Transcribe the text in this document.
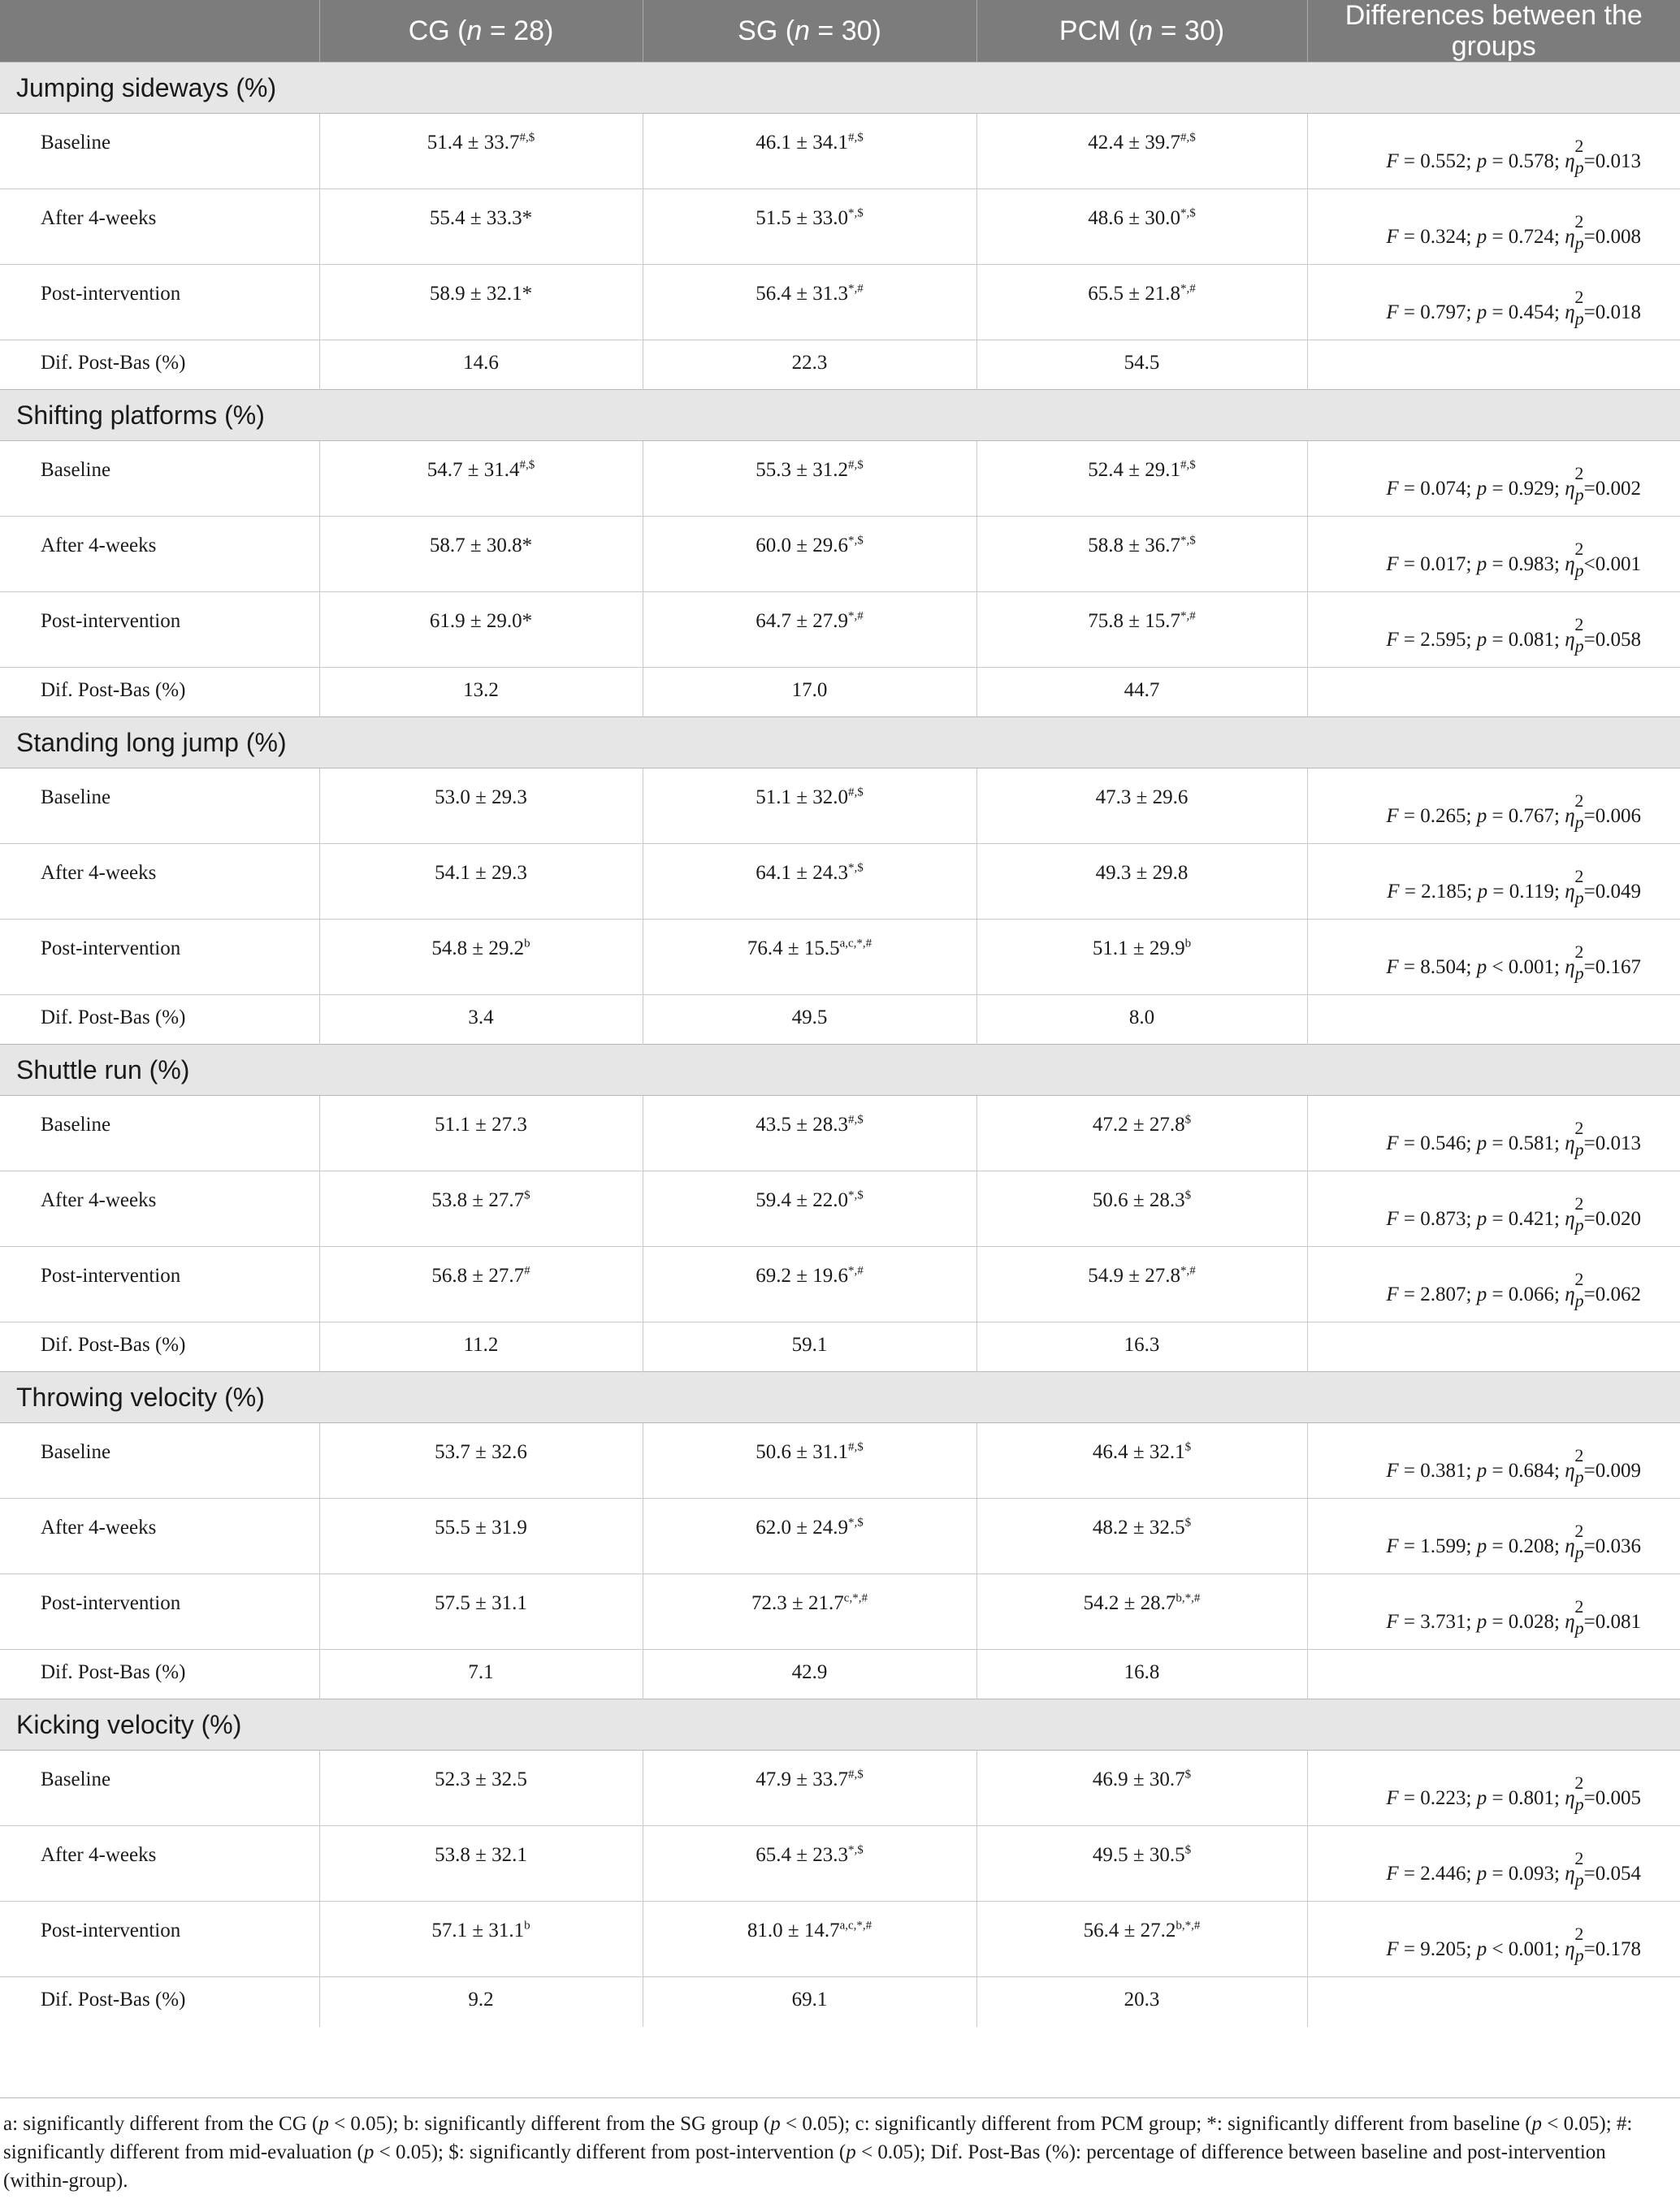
	CG (n = 28)	SG (n = 30)	PCM (n = 30)	Differences between the groups
Jumping sideways (%)				
Baseline	51.4 ± 33.7#,$	46.1 ± 34.1#,$	42.4 ± 39.7#,$	F = 0.552; p = 0.578; η
2
$_p$=0.013
After 4-weeks	55.4 ± 33.3*	51.5 ± 33.0*,$	48.6 ± 30.0*,$	F = 0.324; p = 0.724; η
2
$_p$=0.008
Post-intervention	58.9 ± 32.1*	56.4 ± 31.3*,#	65.5 ± 21.8*,#	F = 0.797; p = 0.454; η
2
$_p$=0.018
Dif. Post-Bas (%)	14.6	22.3	54.5	
Shifting platforms (%)				
Baseline	54.7 ± 31.4#,$	55.3 ± 31.2#,$	52.4 ± 29.1#,$	F = 0.074; p = 0.929; η
2
$_p$=0.002
After 4-weeks	58.7 ± 30.8*	60.0 ± 29.6*,$	58.8 ± 36.7*,$	F = 0.017; p = 0.983; η
2
$_p$<0.001
Post-intervention	61.9 ± 29.0*	64.7 ± 27.9*,#	75.8 ± 15.7*,#	F = 2.595; p = 0.081; η
2
$_p$=0.058
Dif. Post-Bas (%)	13.2	17.0	44.7	
Standing long jump (%)				
Baseline	53.0 ± 29.3	51.1 ± 32.0#,$	47.3 ± 29.6	F = 0.265; p = 0.767; η
2
$_p$=0.006
After 4-weeks	54.1 ± 29.3	64.1 ± 24.3*,$	49.3 ± 29.8	F = 2.185; p = 0.119; η
2
$_p$=0.049
Post-intervention	54.8 ± 29.2$^b$	$76.4 \pm 15.5^{a,c,*,\#}$	51.1 ± 29.9$^b$	F = 8.504; p < 0.001; η
2
$_p$=0.167
Dif. Post-Bas (%)	3.4	49.5	8.0	
Shuttle run (%)				
Baseline	51.1 ± 27.3	43.5 ± 28.3#,$	47.2 ± 27.8$	F = 0.546; p = 0.581; η
2
$_p$=0.013
After 4-weeks	53.8 ± 27.7$	59.4 ± 22.0*,$	50.6 ± 28.3$	F = 0.873; p = 0.421; η
2
$_p$=0.020
Post-intervention	56.8 ± 27.7#	69.2 ± 19.6*,#	54.9 ± 27.8*,#	F = 2.807; p = 0.066; η
2
$_p$=0.062
Dif. Post-Bas (%)	11.2	59.1	16.3	
Throwing velocity (%)				
Baseline	53.7 ± 32.6	50.6 ± 31.1#,$	46.4 ± 32.1$	F = 0.381; p = 0.684; η
2
$_p$=0.009
After 4-weeks	55.5 ± 31.9	62.0 ± 24.9*,$	48.2 ± 32.5$	F = 1.599; p = 0.208; η
2
$_p$=0.036
Post-intervention	57.5 ± 31.1	$72.3 \pm 21.7^{c,*,\#}$	$54.2 \pm 28.7^{b,*,\#}$	F = 3.731; p = 0.028; η
2
$_p$=0.081
Dif. Post-Bas (%)	7.1	42.9	16.8	
Kicking velocity (%)				
Baseline	52.3 ± 32.5	47.9 ± 33.7#,$	46.9 ± 30.7$	F = 0.223; p = 0.801; η
2
$_p$=0.005
After 4-weeks	53.8 ± 32.1	65.4 ± 23.3*,$	49.5 ± 30.5$	F = 2.446; p = 0.093; η
2
$_p$=0.054
Post-intervention	57.1 ± 31.1$^b$	$81.0 \pm 14.7^{a,c,*,\#}$	$56.4 \pm 27.2^{b,*,\#}$	F = 9.205; p < 0.001; η
2
$_p$=0.178
Dif. Post-Bas (%)	9.2	69.1	20.3	
a: significantly different from the CG (p < 0.05); b: significantly different from the SG group (p < 0.05); c: significantly different from PCM group; *: significantly different from baseline (p < 0.05); #: significantly different from mid-evaluation (p < 0.05); $: significantly different from post-intervention (p < 0.05); Dif. Post-Bas (%): percentage of difference between baseline and post-intervention (within-group).
